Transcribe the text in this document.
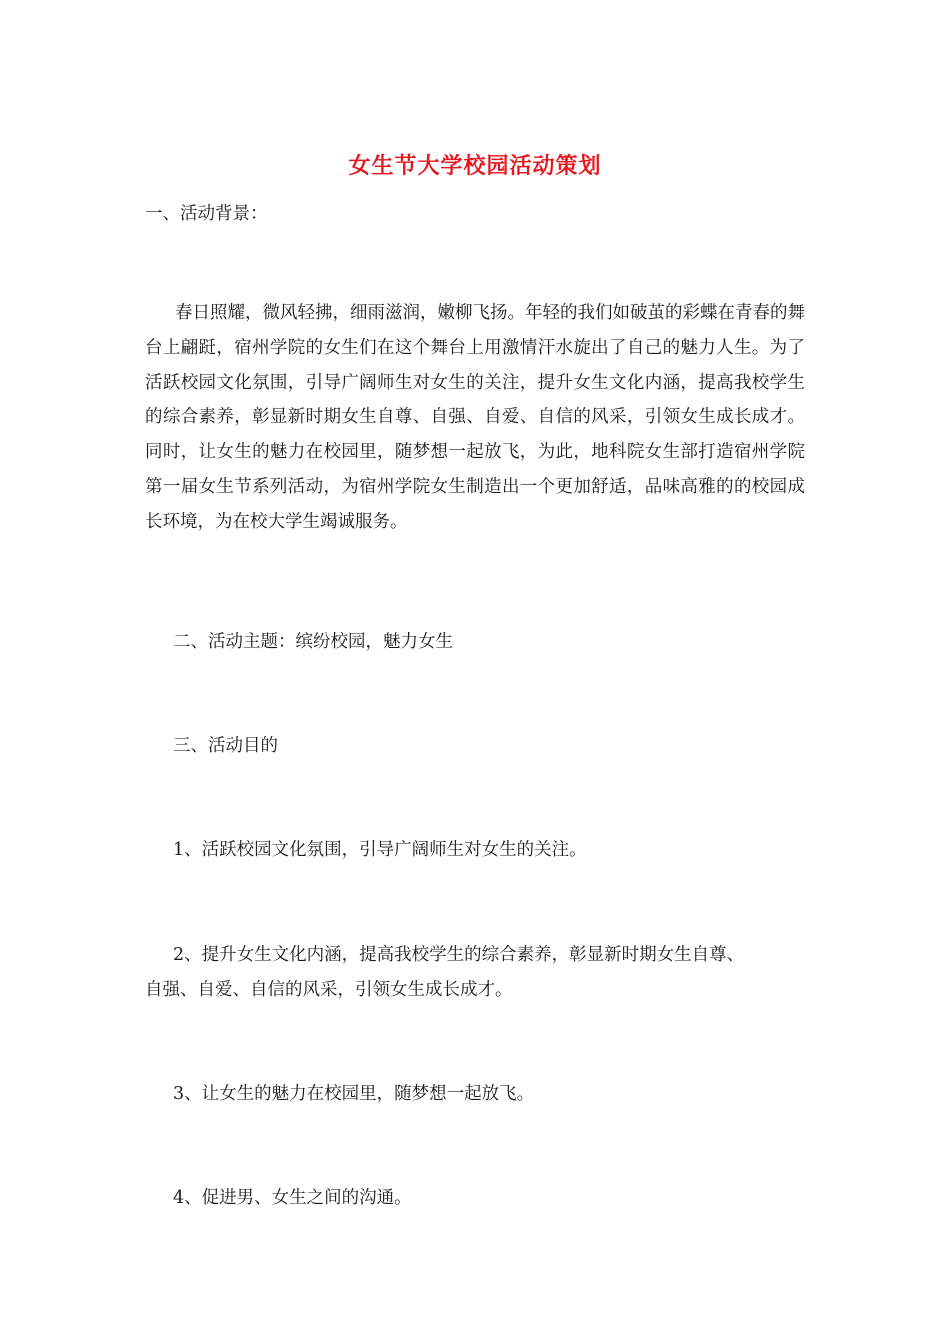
女生节大学校园活动策划
一、活动背景：
春日照耀，微风轻拂，细雨滋润，嫩柳飞扬。年轻的我们如破茧的彩蝶在青春的舞台上翩跹，宿州学院的女生们在这个舞台上用激情汗水旋出了自己的魅力人生。为了活跃校园文化氛围，引导广阔师生对女生的关注，提升女生文化内涵，提高我校学生的综合素养，彰显新时期女生自尊、自强、自爱、自信的风采，引领女生成长成才。同时，让女生的魅力在校园里，随梦想一起放飞，为此，地科院女生部打造宿州学院第一届女生节系列活动，为宿州学院女生制造出一个更加舒适，品味高雅的的校园成长环境，为在校大学生竭诚服务。
二、活动主题：缤纷校园，魅力女生
三、活动目的
1、活跃校园文化氛围，引导广阔师生对女生的关注。
2、提升女生文化内涵，提高我校学生的综合素养，彰显新时期女生自尊、
自强、自爱、自信的风采，引领女生成长成才。
3、让女生的魅力在校园里，随梦想一起放飞。
4、促进男、女生之间的沟通。
